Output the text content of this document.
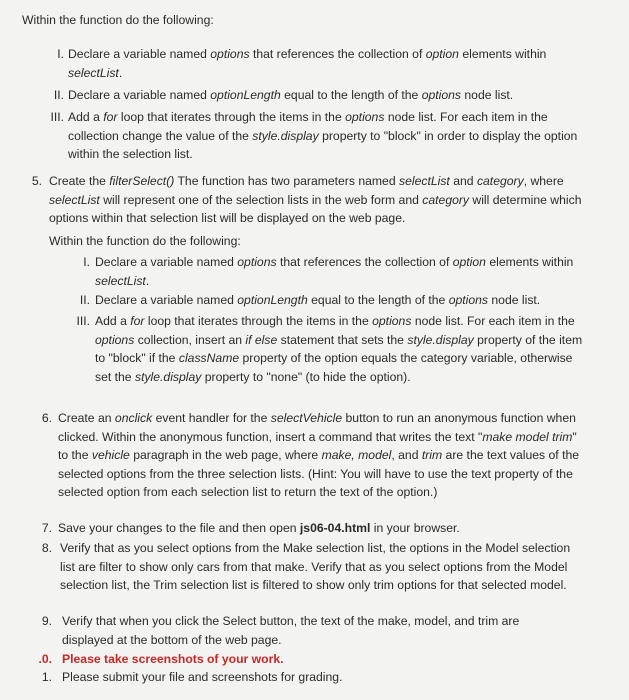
Within the function do the following:
I. Declare a variable named options that references the collection of option elements within selectList.
II. Declare a variable named optionLength equal to the length of the options node list.
III. Add a for loop that iterates through the items in the options node list. For each item in the collection change the value of the style.display property to "block" in order to display the option within the selection list.
5. Create the filterSelect() The function has two parameters named selectList and category, where selectList will represent one of the selection lists in the web form and category will determine which options within that selection list will be displayed on the web page.
Within the function do the following:
I. Declare a variable named options that references the collection of option elements within selectList.
II. Declare a variable named optionLength equal to the length of the options node list.
III. Add a for loop that iterates through the items in the options node list. For each item in the options collection, insert an if else statement that sets the style.display property of the item to "block" if the className property of the option equals the category variable, otherwise set the style.display property to "none" (to hide the option).
6. Create an onclick event handler for the selectVehicle button to run an anonymous function when clicked. Within the anonymous function, insert a command that writes the text "make model trim" to the vehicle paragraph in the web page, where make, model, and trim are the text values of the selected options from the three selection lists. (Hint: You will have to use the text property of the selected option from each selection list to return the text of the option.)
7. Save your changes to the file and then open js06-04.html in your browser.
8. Verify that as you select options from the Make selection list, the options in the Model selection list are filter to show only cars from that make. Verify that as you select options from the Model selection list, the Trim selection list is filtered to show only trim options for that selected model.
9. Verify that when you click the Select button, the text of the make, model, and trim are displayed at the bottom of the web page.
.0. Please take screenshots of your work.
1. Please submit your file and screenshots for grading.
